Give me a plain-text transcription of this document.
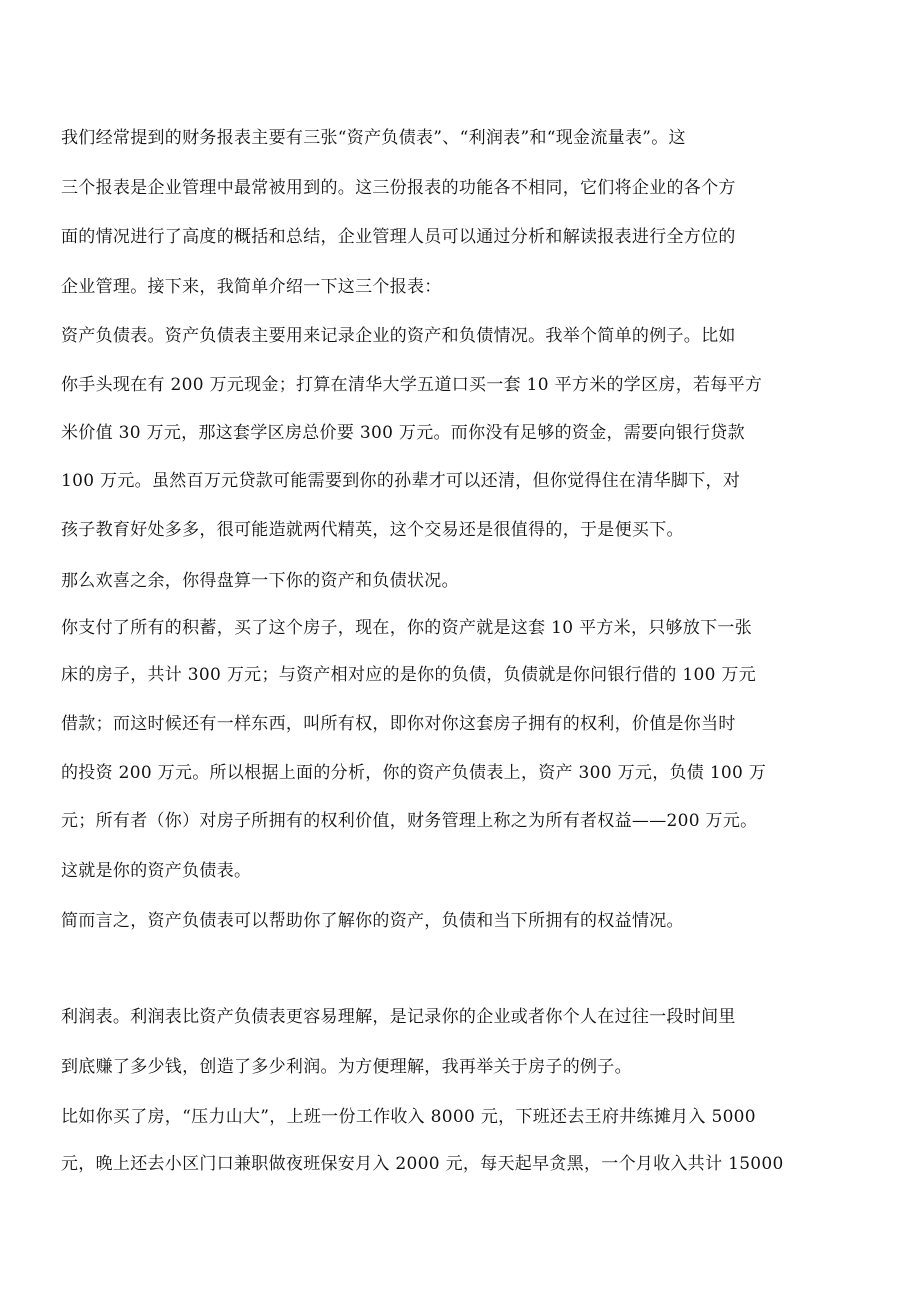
我们经常提到的财务报表主要有三张“资产负债表”、“利润表”和“现金流量表”。这
三个报表是企业管理中最常被用到的。这三份报表的功能各不相同，它们将企业的各个方
面的情况进行了高度的概括和总结，企业管理人员可以通过分析和解读报表进行全方位的
企业管理。接下来，我简单介绍一下这三个报表：
资产负债表。资产负债表主要用来记录企业的资产和负债情况。我举个简单的例子。比如
你手头现在有 200 万元现金；打算在清华大学五道口买一套 10 平方米的学区房，若每平方
米价值 30 万元，那这套学区房总价要 300 万元。而你没有足够的资金，需要向银行贷款
100 万元。虽然百万元贷款可能需要到你的孙辈才可以还清，但你觉得住在清华脚下，对
孩子教育好处多多，很可能造就两代精英，这个交易还是很值得的，于是便买下。
那么欢喜之余，你得盘算一下你的资产和负债状况。
你支付了所有的积蓄，买了这个房子，现在，你的资产就是这套 10 平方米，只够放下一张
床的房子，共计 300 万元；与资产相对应的是你的负债，负债就是你问银行借的 100 万元
借款；而这时候还有一样东西，叫所有权，即你对你这套房子拥有的权利，价值是你当时
的投资 200 万元。所以根据上面的分析，你的资产负债表上，资产 300 万元，负债 100 万
元；所有者（你）对房子所拥有的权利价值，财务管理上称之为所有者权益——200 万元。
这就是你的资产负债表。
简而言之，资产负债表可以帮助你了解你的资产，负债和当下所拥有的权益情况。
利润表。利润表比资产负债表更容易理解，是记录你的企业或者你个人在过往一段时间里
到底赚了多少钱，创造了多少利润。为方便理解，我再举关于房子的例子。
比如你买了房，“压力山大”，上班一份工作收入 8000 元，下班还去王府井练摊月入 5000
元，晚上还去小区门口兼职做夜班保安月入 2000 元，每天起早贪黑，一个月收入共计 15000
